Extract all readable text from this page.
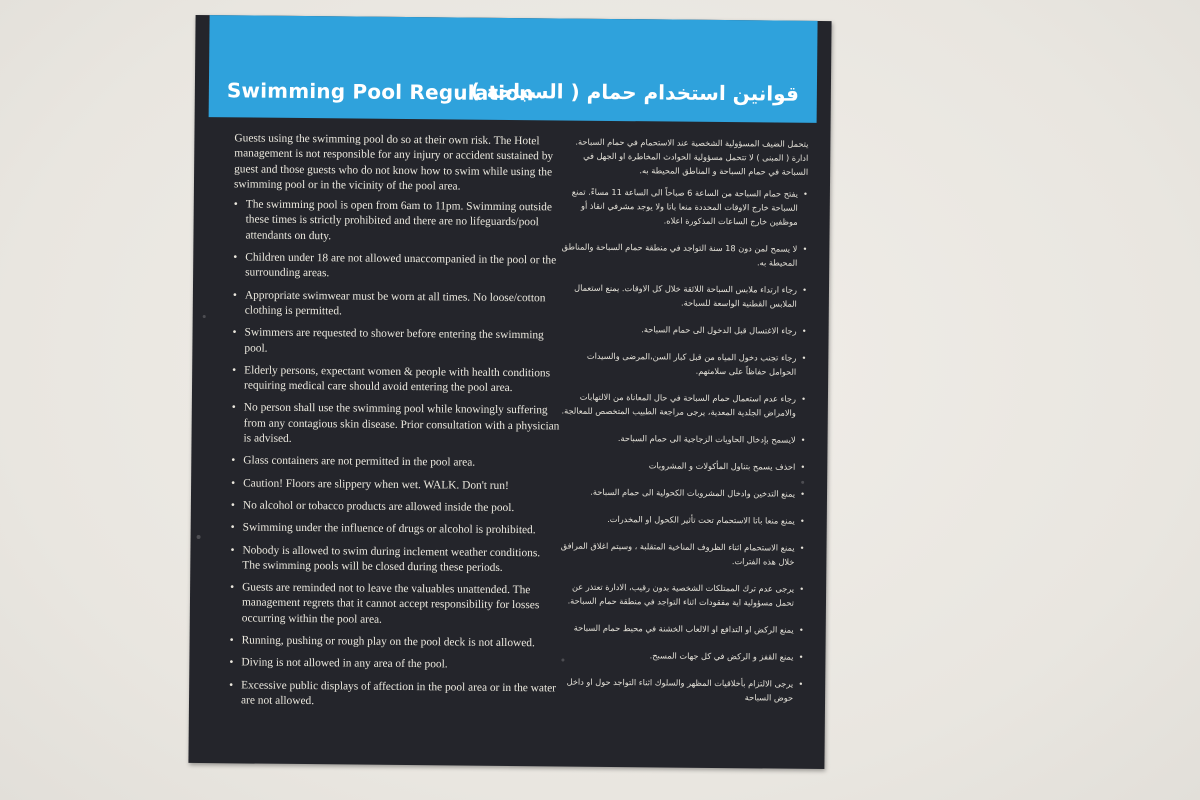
Swimming Pool Regulation
قوانين استخدام حمام ( السباحة )

Guests using the swimming pool do so at their own risk. The Hotel management is not responsible for any injury or accident sustained by guest and those guests who do not know how to swim while using the swimming pool or in the vicinity of the pool area.

• The swimming pool is open from 6am to 11pm. Swimming outside these times is strictly prohibited and there are no lifeguards/pool attendants on duty.
• Children under 18 are not allowed unaccompanied in the pool or the surrounding areas.
• Appropriate swimwear must be worn at all times. No loose/cotton clothing is permitted.
• Swimmers are requested to shower before entering the swimming pool.
• Elderly persons, expectant women & people with health conditions requiring medical care should avoid entering the pool area.
• No person shall use the swimming pool while knowingly suffering from any contagious skin disease. Prior consultation with a physician is advised.
• Glass containers are not permitted in the pool area.
• Caution! Floors are slippery when wet. WALK. Don't run!
• No alcohol or tobacco products are allowed inside the pool.
• Swimming under the influence of drugs or alcohol is prohibited.
• Nobody is allowed to swim during inclement weather conditions. The swimming pools will be closed during these periods.
• Guests are reminded not to leave the valuables unattended. The management regrets that it cannot accept responsibility for losses occurring within the pool area.
• Running, pushing or rough play on the pool deck is not allowed.
• Diving is not allowed in any area of the pool.
• Excessive public displays of affection in the pool area or in the water are not allowed.

يتحمل الضيف المسؤولية الشخصية عند الاستحمام في حمام السباحة. ادارة ( المبنى ) لا تتحمل مسؤولية الحوادث المخاطرة او الجهل في السباحة في حمام السباحة و المناطق المحيطة به.

• يفتح حمام السباحة من الساعة 6 صباحاً الى الساعة 11 مساءً. تمنع السباحة خارج الاوقات المحددة منعا باتا ولا يوجد مشرفي انقاذ أو موظفين خارج الساعات المذكورة اعلاه.
• لا يسمح لمن دون 18 سنة التواجد في منطقة حمام السباحة والمناطق المحيطة به.
• رجاء ارتداء ملابس السباحة اللائقة خلال كل الاوقات. يمنع استعمال الملابس القطنية الواسعة للسباحة.
• رجاء الاغتسال قبل الدخول الى حمام السباحة.
• رجاء تجنب دخول المياه من قبل كبار السن،المرضى والسيدات الحوامل حفاظاً على سلامتهم.
• رجاء عدم استعمال حمام السباحة في حال المعاناة من الالتهابات والامراض الجلدية المعدية، يرجى مراجعة الطبيب المتخصص للمعالجة.
• لايسمح بإدخال الحاويات الزجاجية الى حمام السباحة.
• احذف يسمح بتناول المأكولات و المشروبات
• يمنع التدخين وادخال المشروبات الكحولية الى حمام السباحة.
• يمنع منعا باتا الاستحمام تحت تأثير الكحول او المخدرات.
• يمنع الاستحمام اثناء الظروف المناخية المتقلبة ، وسيتم اغلاق المرافق خلال هذه الفترات.
• يرجى عدم ترك الممتلكات الشخصية بدون رقيب، الادارة تعتذر عن تحمل مسؤولية اية مفقودات اثناء التواجد في منطقة حمام السباحة.
• يمنع الركض او التدافع او الالعاب الخشنة في محيط حمام السباحة
• يمنع القفز و الركض في كل جهات المسبح.
• يرجى الالتزام بأخلاقيات المظهر والسلوك اثناء التواجد حول او داخل حوض السباحة
